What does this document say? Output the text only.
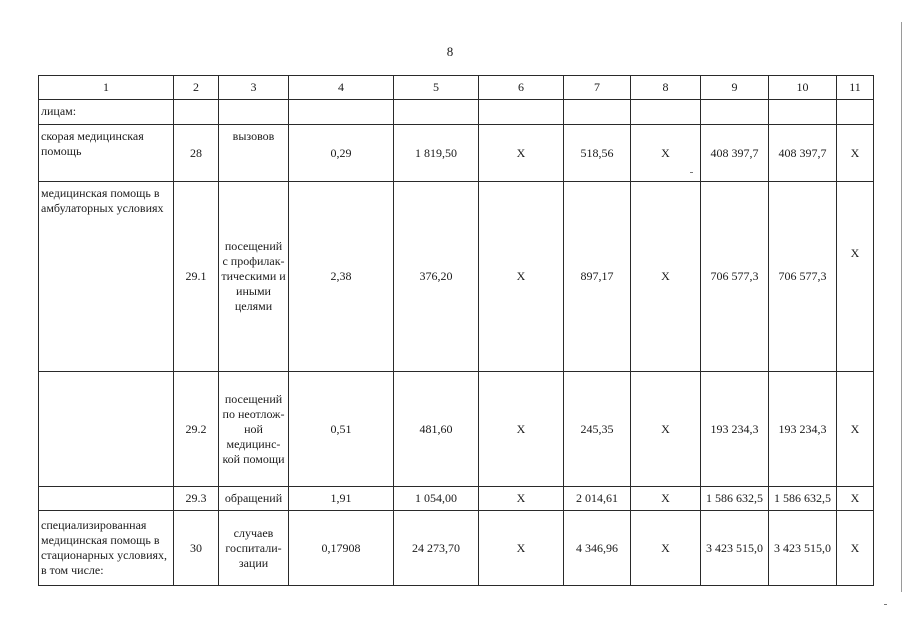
8
1	2	3	4	5	6	7	8	9	10	11
лицам:										
скорая медицинская помощь	28	вызовов	0,29	1 819,50	X	518,56	X	408 397,7	408 397,7	X
медицинская помощь в амбулаторных условиях	29.1	посещений с профилак-тическими и иными целями	2,38	376,20	X	897,17	X	706 577,3	706 577,3	X
	29.2	посещений по неотлож-ной медицинс-кой помощи	0,51	481,60	X	245,35	X	193 234,3	193 234,3	X
	29.3	обращений	1,91	1 054,00	X	2 014,61	X	1 586 632,5	1 586 632,5	X
специализированная медицинская помощь в стационарных условиях, в том числе:	30	случаев госпитали-зации	0,17908	24 273,70	X	4 346,96	X	3 423 515,0	3 423 515,0	X
